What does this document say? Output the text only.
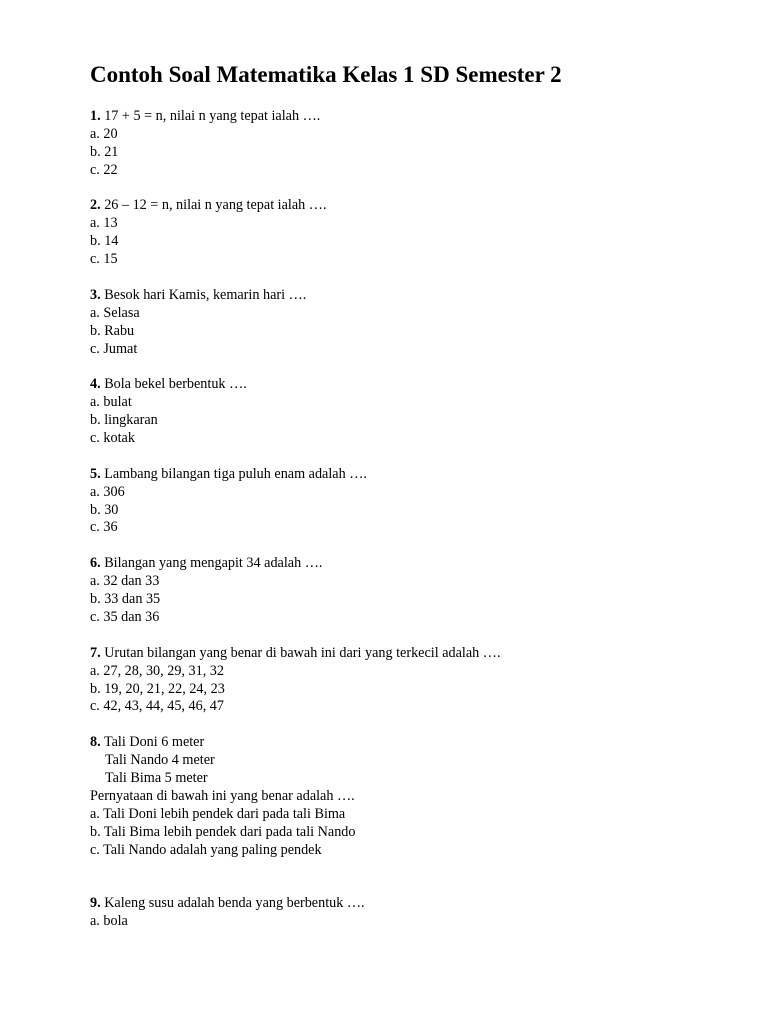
Contoh Soal Matematika Kelas 1 SD Semester 2
1. 17 + 5 = n, nilai n yang tepat ialah ….
a. 20
b. 21
c. 22
2. 26 – 12 = n, nilai n yang tepat ialah ….
a. 13
b. 14
c. 15
3. Besok hari Kamis, kemarin hari ….
a. Selasa
b. Rabu
c. Jumat
4. Bola bekel berbentuk ….
a. bulat
b. lingkaran
c. kotak
5. Lambang bilangan tiga puluh enam adalah ….
a. 306
b. 30
c. 36
6. Bilangan yang mengapit 34 adalah ….
a. 32 dan 33
b. 33 dan 35
c. 35 dan 36
7. Urutan bilangan yang benar di bawah ini dari yang terkecil adalah ….
a. 27, 28, 30, 29, 31, 32
b. 19, 20, 21, 22, 24, 23
c. 42, 43, 44, 45, 46, 47
8. Tali Doni 6 meter
Tali Nando 4 meter
Tali Bima 5 meter
Pernyataan di bawah ini yang benar adalah ….
a. Tali Doni lebih pendek dari pada tali Bima
b. Tali Bima lebih pendek dari pada tali Nando
c. Tali Nando adalah yang paling pendek
9. Kaleng susu adalah benda yang berbentuk ….
a. bola
